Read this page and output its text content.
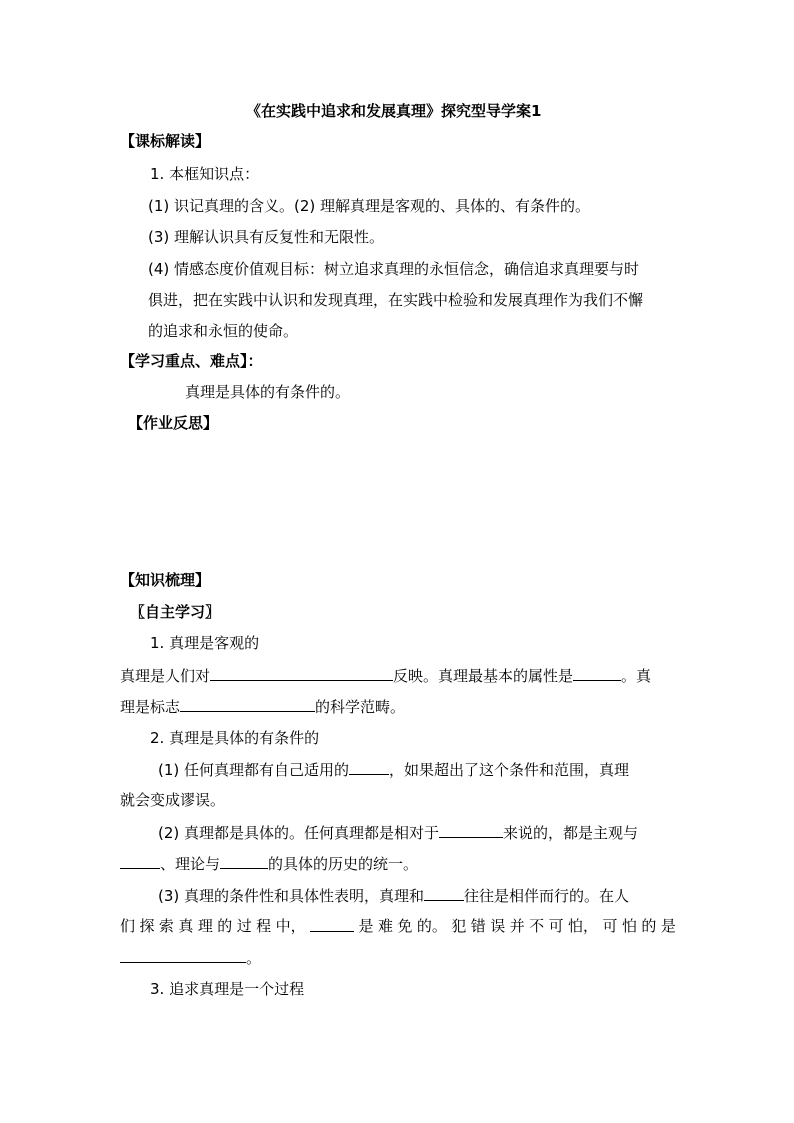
《在实践中追求和发展真理》探究型导学案1
【课标解读】
1. 本框知识点：
(1) 识记真理的含义。(2) 理解真理是客观的、具体的、有条件的。
(3) 理解认识具有反复性和无限性。
(4) 情感态度价值观目标：树立追求真理的永恒信念，确信追求真理要与时
俱进，把在实践中认识和发现真理，在实践中检验和发展真理作为我们不懈
的追求和永恒的使命。
【学习重点、难点】：
真理是具体的有条件的。
【作业反思】
【知识梳理】
〖自主学习〗
1. 真理是客观的
真理是人们对	反映。真理最基本的属性是	。真
理是标志	的科学范畴。
2. 真理是具体的有条件的
(1) 任何真理都有自己适用的	，如果超出了这个条件和范围，真理
就会变成谬误。
(2) 真理都是具体的。任何真理都是相对于	来说的，都是主观与
、理论与	的具体的历史的统一。
(3) 真理的条件性和具体性表明，真理和	往往是相伴而行的。在人
们 探 索 真 理 的 过 程 中，	是 难 免 的。 犯 错 误 并 不 可 怕， 可 怕 的 是
。
3. 追求真理是一个过程
